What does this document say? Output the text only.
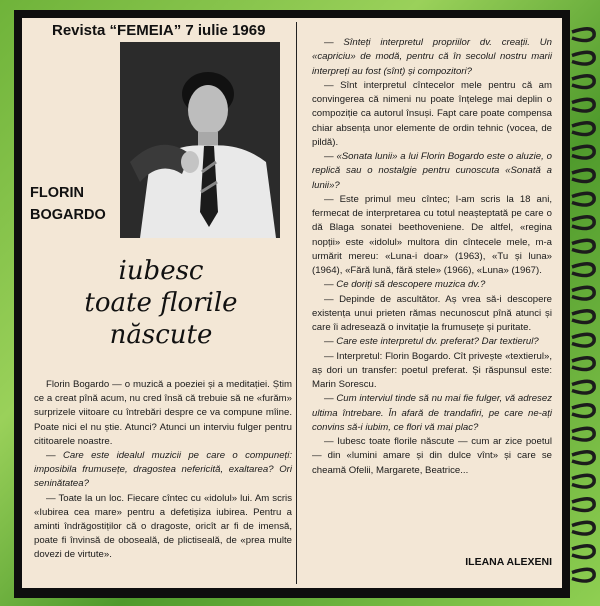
Revista “FEMEIA” 7 iulie 1969
FLORIN
BOGARDO
iubesc
toate florile
născute

Florin Bogardo — o muzică a poeziei și a meditației. Știm ce a creat pînă acum, nu cred însă că trebuie să ne «furăm» surprizele viitoare cu întrebări despre ce va compune mîine. Poate nici el nu știe. Atunci? Atunci un interviu fulger pentru cititoarele noastre.

— Care este idealul muzicii pe care o compuneți: imposibila frumusețe, dragostea nefericită, exaltarea? Ori seninătatea?

— Toate la un loc. Fiecare cîntec cu «idolul» lui. Am scris «Iubirea cea mare» pentru a defetișiza iubirea. Pentru a aminti îndrăgostiților că o dragoste, oricît ar fi de imensă, poate fi învinsă de oboseală, de plictiseală, de «prea multe dovezi de virtute».

— Sînteți interpretul propriilor dv. creații. Un «capriciu» de modă, pentru că în secolul nostru marii interpreți au fost (sînt) și compozitori?

— Sînt interpretul cîntecelor mele pentru că am convingerea că nimeni nu poate înțelege mai deplin o compoziție ca autorul însuși. Fapt care poate compensa chiar absența unor elemente de ordin tehnic (vocea, de pildă).

— «Sonata lunii» a lui Florin Bogardo este o aluzie, o replică sau o nostalgie pentru cunoscuta «Sonată a lunii»?

— Este primul meu cîntec; l-am scris la 18 ani, fermecat de interpretarea cu totul neașteptată pe care o dă Blaga sonatei beethoveniene. De altfel, «regina nopții» este «idolul» multora din cîntecele mele, m-a urmărit mereu: «Luna-i doar» (1963), «Tu și luna» (1964), «Fără lună, fără stele» (1966), «Luna» (1967).

— Ce doriți să descopere muzica dv.?

— Depinde de ascultător. Aș vrea să-i descopere existența unui prieten rămas necunoscut pînă atunci și care îi adresează o invitație la frumusețe și puritate.

— Care este interpretul dv. preferat? Dar textierul?

— Interpretul: Florin Bogardo. Cît privește «textierul», aș dori un transfer: poetul preferat. Și răspunsul este: Marin Sorescu.

— Cum interviul tinde să nu mai fie fulger, vă adresez ultima întrebare. În afară de trandafiri, pe care ne-ați convins să-i iubim, ce flori vă mai plac?

— Iubesc toate florile născute — cum ar zice poetul — din «lumini amare și din dulce vînt» și care se cheamă Ofelii, Margarete, Beatrice...

ILEANA ALEXENI
